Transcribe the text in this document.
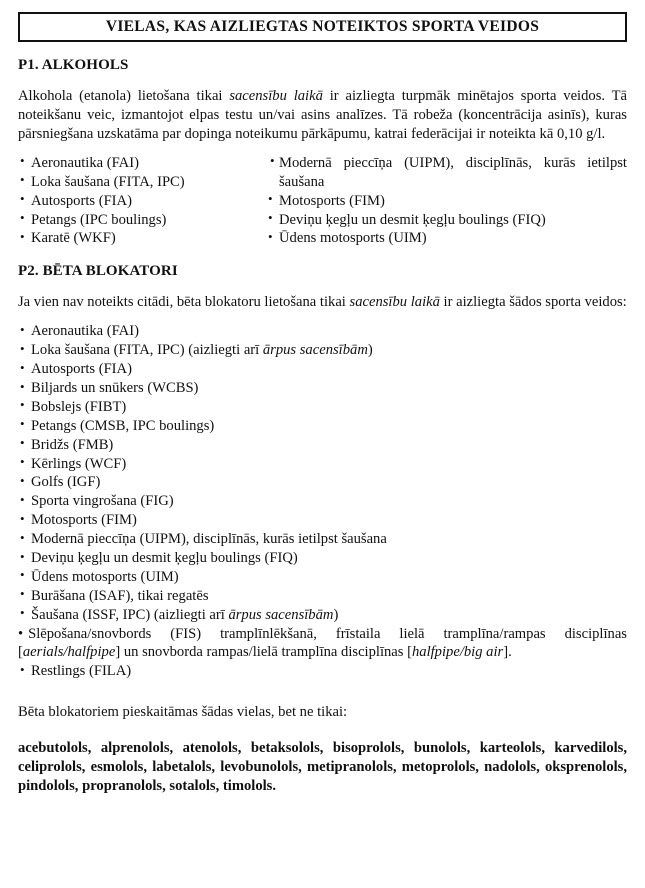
VIELAS, KAS AIZLIEGTAS NOTEIKTOS SPORTA VEIDOS
P1. ALKOHOLS

Alkohola (etanola) lietošana tikai sacensību laikā ir aizliegta turpmāk minētajos sporta veidos. Tā noteikšanu veic, izmantojot elpas testu un/vai asins analīzes. Tā robeža (koncentrācija asinīs), kuras pārsniegšana uzskatāma par dopinga noteikumu pārkāpumu, katrai federācijai ir noteikta kā 0,10 g/l.

• Aeronautika (FAI)
• Loka šaušana (FITA, IPC)
• Autosports (FIA)
• Petangs (IPC boulings)
• Karatē (WKF)
• Modernā pieccīņa (UIPM), disciplīnās, kurās ietilpst šaušana
• Motosports (FIM)
• Deviņu ķegļu un desmit ķegļu boulings (FIQ)
• Ūdens motosports (UIM)
P2. BĒTA BLOKATORI

Ja vien nav noteikts citādi, bēta blokatoru lietošana tikai sacensību laikā ir aizliegta šādos sporta veidos:

• Aeronautika (FAI)
• Loka šaušana (FITA, IPC) (aizliegti arī ārpus sacensībām)
• Autosports (FIA)
• Biljards un snūkers (WCBS)
• Bobslejs (FIBT)
• Petangs (CMSB, IPC boulings)
• Bridžs (FMB)
• Kērlings (WCF)
• Golfs (IGF)
• Sporta vingrošana (FIG)
• Motosports (FIM)
• Modernā pieccīņa (UIPM), disciplīnās, kurās ietilpst šaušana
• Deviņu ķegļu un desmit ķegļu boulings (FIQ)
• Ūdens motosports (UIM)
• Burāšana (ISAF), tikai regatēs
• Šaušana (ISSF, IPC) (aizliegti arī ārpus sacensībām)
• Slēpošana/snovbords (FIS) tramplīnlēkšanā, frīstaila lielā tramplīna/rampas disciplīnas [aerials/halfpipe] un snovborda rampas/lielā tramplīna disciplīnas [halfpipe/big air].
• Restlings (FILA)

Bēta blokatoriem pieskaitāmas šādas vielas, bet ne tikai:

acebutolols, alprenolols, atenolols, betaksolols, bisoprolols, bunolols, karteolols, karvedilols, celiprolols, esmolols, labetalols, levobunolols, metipranolols, metoprolols, nadolols, oksprenolols, pindolols, propranolols, sotalols, timolols.
